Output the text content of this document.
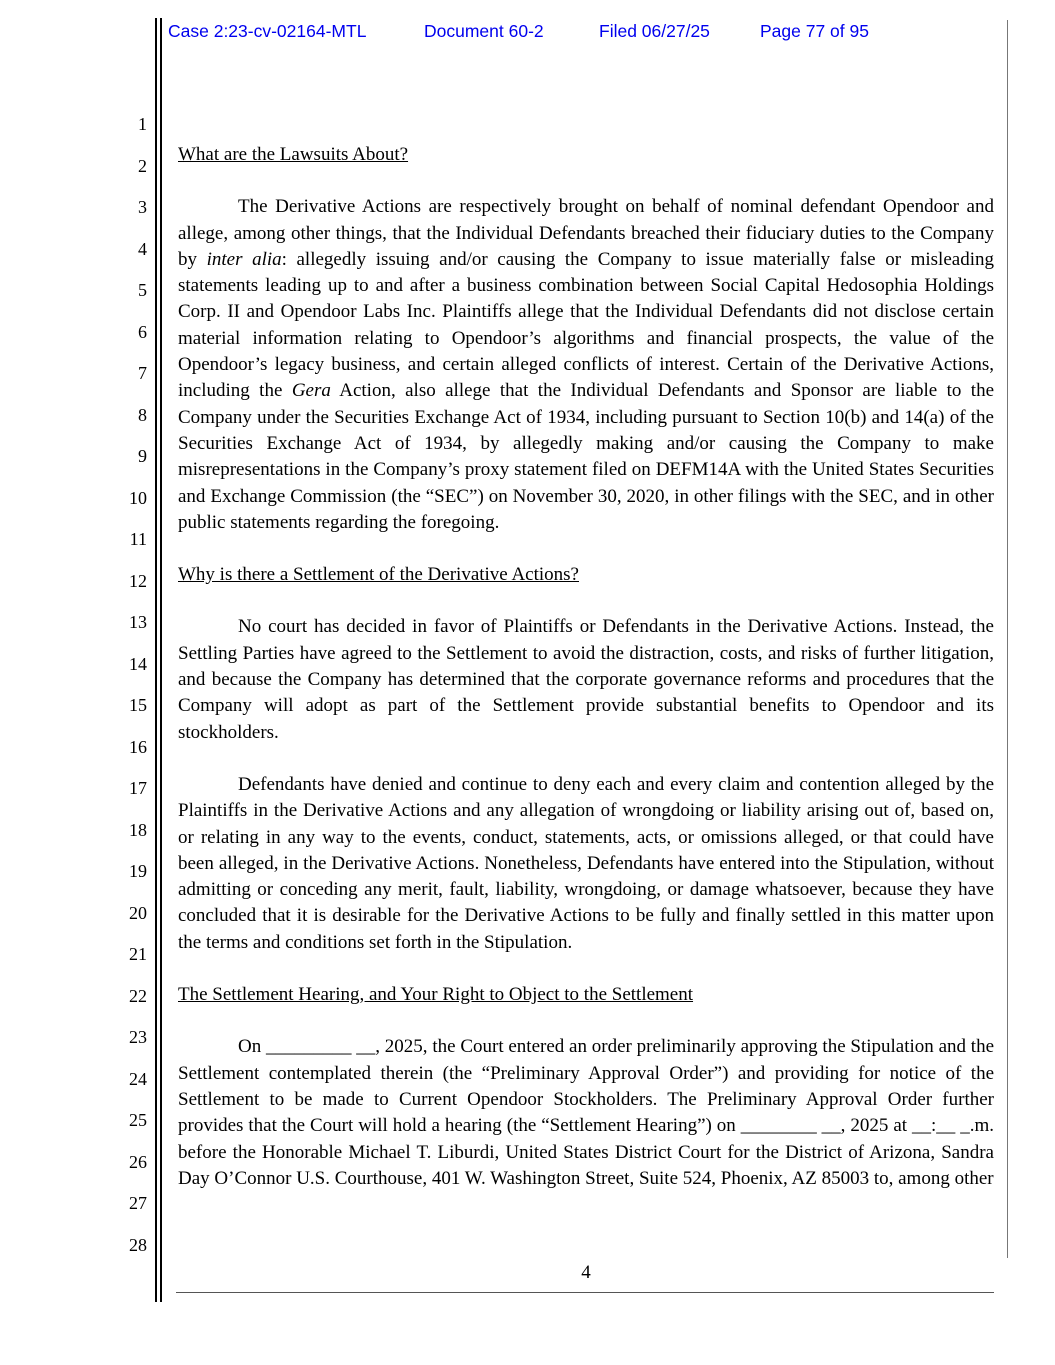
Case 2:23-cv-02164-MTL	Document 60-2	Filed 06/27/25	Page 77 of 95
1
2
3
4
5
6
7
8
9
10
11
12
13
14
15
16
17
18
19
20
21
22
23
24
25
26
27
28
What are the Lawsuits About?

The Derivative Actions are respectively brought on behalf of nominal defendant Opendoor and allege, among other things, that the Individual Defendants breached their fiduciary duties to the Company by inter alia: allegedly issuing and/or causing the Company to issue materially false or misleading statements leading up to and after a business combination between Social Capital Hedosophia Holdings Corp. II and Opendoor Labs Inc. Plaintiffs allege that the Individual Defendants did not disclose certain material information relating to Opendoor’s algorithms and financial prospects, the value of the Opendoor’s legacy business, and certain alleged conflicts of interest. Certain of the Derivative Actions, including the Gera Action, also allege that the Individual Defendants and Sponsor are liable to the Company under the Securities Exchange Act of 1934, including pursuant to Section 10(b) and 14(a) of the Securities Exchange Act of 1934, by allegedly making and/or causing the Company to make misrepresentations in the Company’s proxy statement filed on DEFM14A with the United States Securities and Exchange Commission (the “SEC”) on November 30, 2020, in other filings with the SEC, and in other public statements regarding the foregoing.

Why is there a Settlement of the Derivative Actions?

No court has decided in favor of Plaintiffs or Defendants in the Derivative Actions. Instead, the Settling Parties have agreed to the Settlement to avoid the distraction, costs, and risks of further litigation, and because the Company has determined that the corporate governance reforms and procedures that the Company will adopt as part of the Settlement provide substantial benefits to Opendoor and its stockholders.

Defendants have denied and continue to deny each and every claim and contention alleged by the Plaintiffs in the Derivative Actions and any allegation of wrongdoing or liability arising out of, based on, or relating in any way to the events, conduct, statements, acts, or omissions alleged, or that could have been alleged, in the Derivative Actions. Nonetheless, Defendants have entered into the Stipulation, without admitting or conceding any merit, fault, liability, wrongdoing, or damage whatsoever, because they have concluded that it is desirable for the Derivative Actions to be fully and finally settled in this matter upon the terms and conditions set forth in the Stipulation.

The Settlement Hearing, and Your Right to Object to the Settlement

On _________ __, 2025, the Court entered an order preliminarily approving the Stipulation and the Settlement contemplated therein (the “Preliminary Approval Order”) and providing for notice of the Settlement to be made to Current Opendoor Stockholders. The Preliminary Approval Order further provides that the Court will hold a hearing (the “Settlement Hearing”) on ________ __, 2025 at __:__ _.m. before the Honorable Michael T. Liburdi, United States District Court for the District of Arizona, Sandra Day O’Connor U.S. Courthouse, 401 W. Washington Street, Suite 524, Phoenix, AZ 85003 to, among other

4
